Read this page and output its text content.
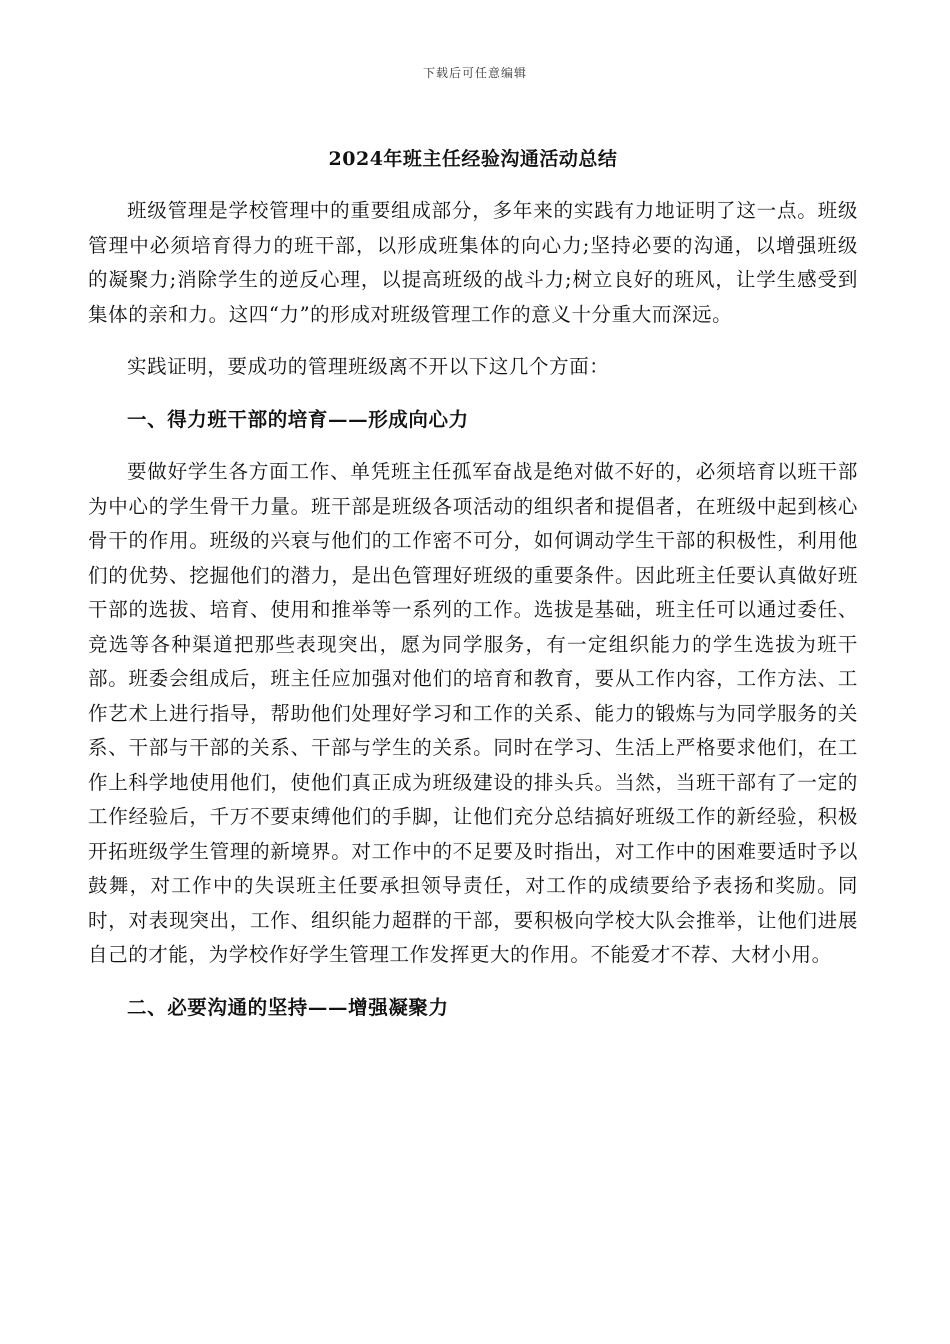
下载后可任意编辑
2024年班主任经验沟通活动总结

班级管理是学校管理中的重要组成部分，多年来的实践有力地证明了这一点。班级管理中必须培育得力的班干部，以形成班集体的向心力;坚持必要的沟通，以增强班级的凝聚力;消除学生的逆反心理，以提高班级的战斗力;树立良好的班风，让学生感受到集体的亲和力。这四“力”的形成对班级管理工作的意义十分重大而深远。

实践证明，要成功的管理班级离不开以下这几个方面：

一、得力班干部的培育——形成向心力

要做好学生各方面工作、单凭班主任孤军奋战是绝对做不好的，必须培育以班干部为中心的学生骨干力量。班干部是班级各项活动的组织者和提倡者，在班级中起到核心骨干的作用。班级的兴衰与他们的工作密不可分，如何调动学生干部的积极性，利用他们的优势、挖掘他们的潜力，是出色管理好班级的重要条件。因此班主任要认真做好班干部的选拔、培育、使用和推举等一系列的工作。选拔是基础，班主任可以通过委任、竞选等各种渠道把那些表现突出，愿为同学服务，有一定组织能力的学生选拔为班干部。班委会组成后，班主任应加强对他们的培育和教育，要从工作内容，工作方法、工作艺术上进行指导，帮助他们处理好学习和工作的关系、能力的锻炼与为同学服务的关系、干部与干部的关系、干部与学生的关系。同时在学习、生活上严格要求他们，在工作上科学地使用他们，使他们真正成为班级建设的排头兵。当然，当班干部有了一定的工作经验后，千万不要束缚他们的手脚，让他们充分总结搞好班级工作的新经验，积极开拓班级学生管理的新境界。对工作中的不足要及时指出，对工作中的困难要适时予以鼓舞，对工作中的失误班主任要承担领导责任，对工作的成绩要给予表扬和奖励。同时，对表现突出，工作、组织能力超群的干部，要积极向学校大队会推举，让他们进展自己的才能，为学校作好学生管理工作发挥更大的作用。不能爱才不荐、大材小用。

二、必要沟通的坚持——增强凝聚力
